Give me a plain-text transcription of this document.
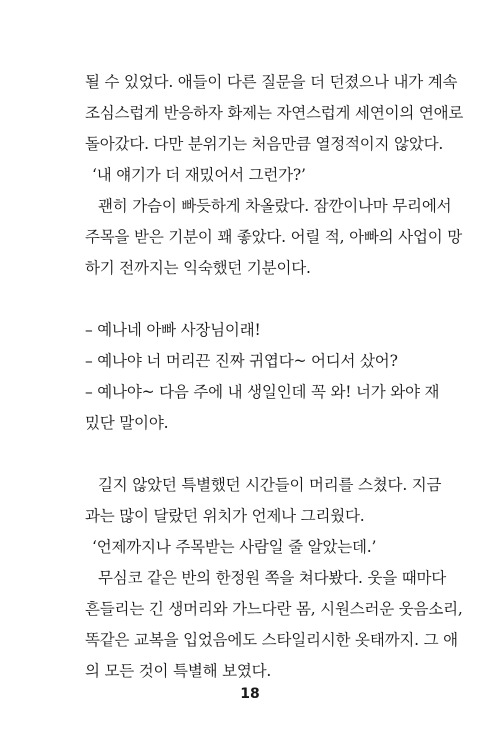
될 수 있었다. 애들이 다른 질문을 더 던졌으나 내가 계속
조심스럽게 반응하자 화제는 자연스럽게 세연이의 연애로
돌아갔다. 다만 분위기는 처음만큼 열정적이지 않았다.
‘내 얘기가 더 재밌어서 그런가?’
괜히 가슴이 빠듯하게 차올랐다. 잠깐이나마 무리에서
주목을 받은 기분이 꽤 좋았다. 어릴 적, 아빠의 사업이 망
하기 전까지는 익숙했던 기분이다.
– 예나네 아빠 사장님이래!
– 예나야 너 머리끈 진짜 귀엽다~ 어디서 샀어?
– 예나야~ 다음 주에 내 생일인데 꼭 와! 너가 와야 재
밌단 말이야.
길지 않았던 특별했던 시간들이 머리를 스쳤다. 지금
과는 많이 달랐던 위치가 언제나 그리웠다.
‘언제까지나 주목받는 사람일 줄 알았는데.’
무심코 같은 반의 한정원 쪽을 쳐다봤다. 웃을 때마다
흔들리는 긴 생머리와 가느다란 몸, 시원스러운 웃음소리,
똑같은 교복을 입었음에도 스타일리시한 옷태까지. 그 애
의 모든 것이 특별해 보였다.
18
